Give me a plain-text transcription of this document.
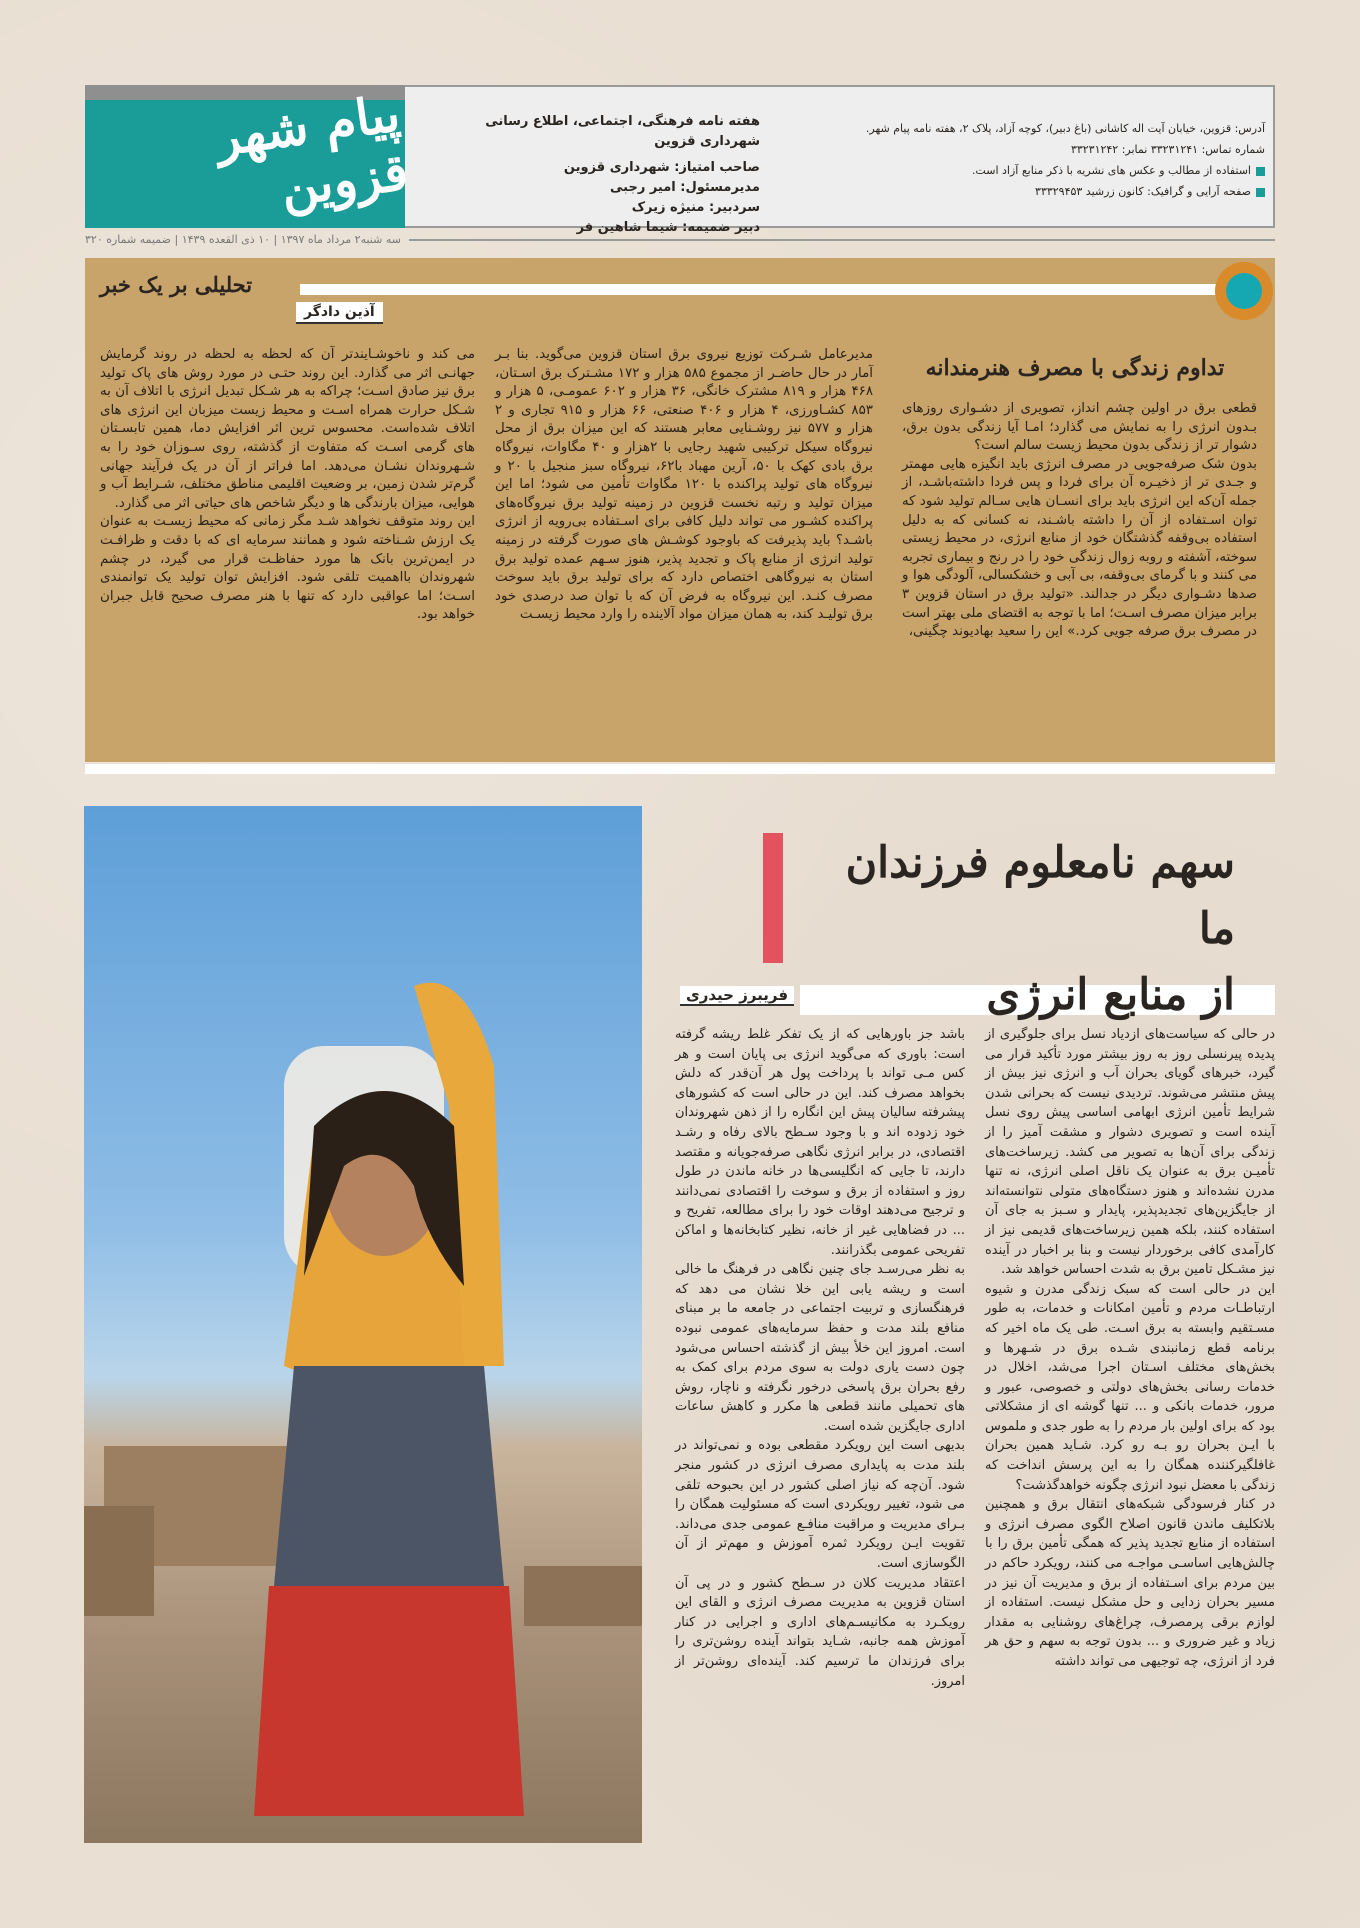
پیام شهر قزوین
هفته نامه فرهنگی، اجتماعی، اطلاع رسانی شهرداری قزوین
صاحب امتیاز: شهرداری قزوین
مدیرمسئول: امیر رجبی
سردبیر: منیژه زیرک
دبیر ضمیمه: شیما شاهین فر
آدرس: قزوین، خیابان آیت اله کاشانی (باغ دبیر)، کوچه آزاد، پلاک ۲، هفته نامه پیام شهر.
شماره تماس: ۳۳۲۳۱۲۴۱ نمابر: ۳۳۲۳۱۲۴۲
استفاده از مطالب و عکس های نشریه با ذکر منابع آزاد است.
صفحه آرایی و گرافیک: کانون زرشید ۳۳۳۲۹۴۵۳
سه شنبه۲ مرداد ماه ۱۳۹۷ | ۱۰ ذی القعده ۱۴۳۹ | ضمیمه شماره ۳۲۰
تحلیلی بر یک خبر
آذین دادگر
تداوم زندگی با مصرف هنرمندانه

قطعی برق در اولین چشم انداز، تصویری از دشـواری روزهای بـدون انرژی را به نمایش می گذارد؛ امـا آیا زندگی بدون برق، دشوار تر از زندگی بدون محیط زیست سالم است؟

بدون شک صرفه‌جویی در مصرف انرژی باید انگیزه هایی مهمتر و جـدی تر از ذخیـره آن برای فردا و پس فردا داشته‌باشـد، از جمله آن‌که این انرژی باید برای انسـان هایی سـالم تولید شود که توان اسـتفاده از آن را داشته باشـند، نه کسانی که به دلیل استفاده بی‌وقفه گذشتگان خود از منابع انرژی، در محیط زیستی سوخته، آشفته و روبه زوال زندگی خود را در رنج و بیماری تجربه می کنند و با گرمای بی‌وقفه، بی آبی و خشکسالی، آلودگی هوا و صدها دشـواری دیگر در جدالند. «تولید برق در استان قزوین ۳ برابر میزان مصرف اسـت؛ اما با توجه به اقتضای ملی بهتر است در مصرف برق صرفه جویی کرد.» این را سعید بهادیوند چگینی،

مدیرعامل شـرکت توزیع نیروی برق استان قزوین می‌گوید. بنا بـر آمار در حال حاضـر از مجموع ۵۸۵ هزار و ۱۷۲ مشـترک برق اسـتان، ۴۶۸ هزار و ۸۱۹ مشترک خانگی، ۳۶ هزار و ۶۰۲ عمومـی، ۵ هزار و ۸۵۳ کشـاورزی، ۴ هزار و ۴۰۶ صنعتی، ۶۶ هزار و ۹۱۵ تجاری و ۲ هزار و ۵۷۷ نیز روشـنایی معابر هستند که این میزان برق از محل نیروگاه سیکل ترکیبی شهید رجایی با ۲هزار و ۴۰ مگاوات، نیروگاه برق بادی کهک با ۵۰، آرین مهباد با۶۲، نیروگاه سبز منجیل با ۲۰ و نیروگاه های تولید پراکنده با ۱۲۰ مگاوات تأمین می شود؛ اما این میزان تولید و رتبه نخست قزوین در زمینه تولید برق نیروگاه‌های پراکنده کشـور می تواند دلیل کافی برای اسـتفاده بی‌رویه از انرژی باشـد؟ باید پذیرفت که باوجود کوشـش های صورت گرفته در زمینه تولید انرژی از منابع پاک و تجدید پذیر، هنوز سـهم عمده تولید برق استان به نیروگاهی اختصاص دارد که برای تولید برق باید سوخت مصرف کنـد. این نیروگاه به فرض آن که با توان صد درصدی خود برق تولیـد کند، به همان میزان مواد آلاینده را وارد محیط زیسـت

می کند و ناخوشـایندتر آن که لحظه به لحظه در روند گرمایش جهانـی اثر می گذارد. این روند حتـی در مورد روش های پاک تولید برق نیز صادق اسـت؛ چراکه به هر شـکل تبدیل انرژی با اتلاف آن به شـکل حرارت همراه اسـت و محیط زیست میزبان این انرژی های اتلاف شده‌است. محسوس ترین اثر افزایش دما، همین تابسـتان های گرمی اسـت که متفاوت از گذشته، روی سـوزان خود را به شـهروندان نشـان می‌دهد. اما فراتر از آن در یک فرآیند جهانی گرم‌تر شدن زمین، بر وضعیت اقلیمی مناطق مختلف، شـرایط آب و هوایی، میزان بارندگی ها و دیگر شاخص های حیاتی اثر می گذارد.

این روند متوقف نخواهد شـد مگر زمانی که محیط زیسـت به عنوان یک ارزش شـناخته شود و همانند سرمایه ای که با دقت و ظرافـت در ایمن‌ترین بانک ها مورد حفاظـت قرار می گیرد، در چشم شهروندان بااهمیت تلقی شود. افزایش توان تولید یک توانمندی اسـت؛ اما عواقبی دارد که تنها با هنر مصرف صحیح قابل جبران خواهد بود.

سهم نامعلوم فرزندان ما
از منابع انرژی
فریبرز حیدری

در حالی که سیاست‌های ازدیاد نسل برای جلوگیری از پدیده پیرنسلی روز به روز بیشتر مورد تأکید قرار می گیرد، خبرهای گویای بحران آب و انرژی نیز بیش از پیش منتشر می‌شوند. تردیدی نیست که بحرانی شدن شرایط تأمین انرژی ابهامی اساسی پیش روی نسل آینده است و تصویری دشوار و مشقت آمیز را از زندگی برای آن‌ها به تصویر می کشد. زیرساخت‌های تأمیـن برق به عنوان یک ناقل اصلی انرژی، نه تنها مدرن نشده‌اند و هنوز دستگاه‌های متولی نتوانسته‌اند از جایگزین‌های تجدیدپذیر، پایدار و سـبز به جای آن استفاده کنند، بلکه همین زیرساخت‌های قدیمی نیز از کارآمدی کافی برخوردار نیست و بنا بر اخبار در آینده نیز مشـکل تامین برق به شدت احساس خواهد شد.

این در حالی است که سبک زندگی مدرن و شیوه ارتباطـات مردم و تأمین امکانات و خدمات، به طور مسـتقیم وابسته به برق اسـت. طی یک ماه اخیر که برنامه قطع زمانبندی شـده برق در شـهرها و بخش‌های مختلف اسـتان اجرا می‌شد، اخلال در خدمات رسانی بخش‌های دولتی و خصوصی، عبور و مرور، خدمات بانکی و ... تنها گوشه ای از مشکلاتی بود که برای اولین بار مردم را به طور جدی و ملموس با ایـن بحران رو بـه رو کرد. شـاید همین بحران غافلگیرکننده همگان را به این پرسش انداخت که زندگی با معضل نبود انرژی چگونه خواهدگذشت؟

در کنار فرسودگی شبکه‌های انتقال برق و همچنین بلاتکلیف ماندن قانون اصلاح الگوی مصرف انرژی و استفاده از منابع تجدید پذیر که همگی تأمین برق را با چالش‌هایی اساسـی مواجـه می کنند، رویکرد حاکم در بین مردم برای اسـتفاده از برق و مدیریت آن نیز در مسیر بحران زدایی و حل مشکل نیست. استفاده از لوازم برقی پرمصرف، چراغ‌های روشنایی به مقدار زیاد و غیر ضروری و ... بدون توجه به سهم و حق هر فرد از انرژی، چه توجیهی می تواند داشته

باشد جز باورهایی که از یک تفکر غلط ریشه گرفته است: باوری که می‌گوید انرژی بی پایان است و هر کس مـی تواند با پرداخت پول هر آن‌قدر که دلش بخواهد مصرف کند. این در حالی است که کشورهای پیشرفته سالیان پیش این انگاره را از ذهن شهروندان خود زدوده اند و با وجود سـطح بالای رفاه و رشـد اقتصادی، در برابر انرژی نگاهی صرفه‌جویانه و مقتصد دارند، تا جایی که انگلیسی‌ها در خانه ماندن در طول روز و استفاده از برق و سوخت را اقتصادی نمی‌دانند و ترجیح می‌دهند اوقات خود را برای مطالعه، تفریح و ... در فضاهایی غیر از خانه، نظیر کتابخانه‌ها و اماکن تفریحی عمومی بگذرانند.

به نظر می‌رسـد جای چنین نگاهی در فرهنگ ما خالی است و ریشه یابی این خلا نشان می دهد که فرهنگسازی و تربیت اجتماعی در جامعه ما بر مبنای منافع بلند مدت و حفظ سرمایه‌های عمومی نبوده است. امروز این خلأ بیش از گذشته احساس می‌شود چون دست یاری دولت به سوی مردم برای کمک به رفع بحران برق پاسخی درخور نگرفته و ناچار، روش های تحمیلی مانند قطعی ها مکرر و کاهش ساعات اداری جایگزین شده است.

بدیهی است این رویکرد مقطعی بوده و نمی‌تواند در بلند مدت به پایداری مصرف انرژی در کشور منجر شود. آن‌چه که نیاز اصلی کشور در این بحبوحه تلقی می شود، تغییر رویکردی است که مسئولیت همگان را بـرای مدیریت و مراقبت منافـع عمومی جدی می‌داند. تقویت ایـن رویکرد ثمره آموزش و مهم‌تر از آن الگوسازی است.

اعتقاد مدیریت کلان در سـطح کشور و در پی آن استان قزوین به مدیریت مصرف انرژی و القای این رویکـرد به مکانیسـم‌های اداری و اجرایی در کنار آموزش همه جانبه، شـاید بتواند آینده روشن‌تری را برای فرزندان ما ترسیم کند. آینده‌ای روشن‌تر از امروز.
